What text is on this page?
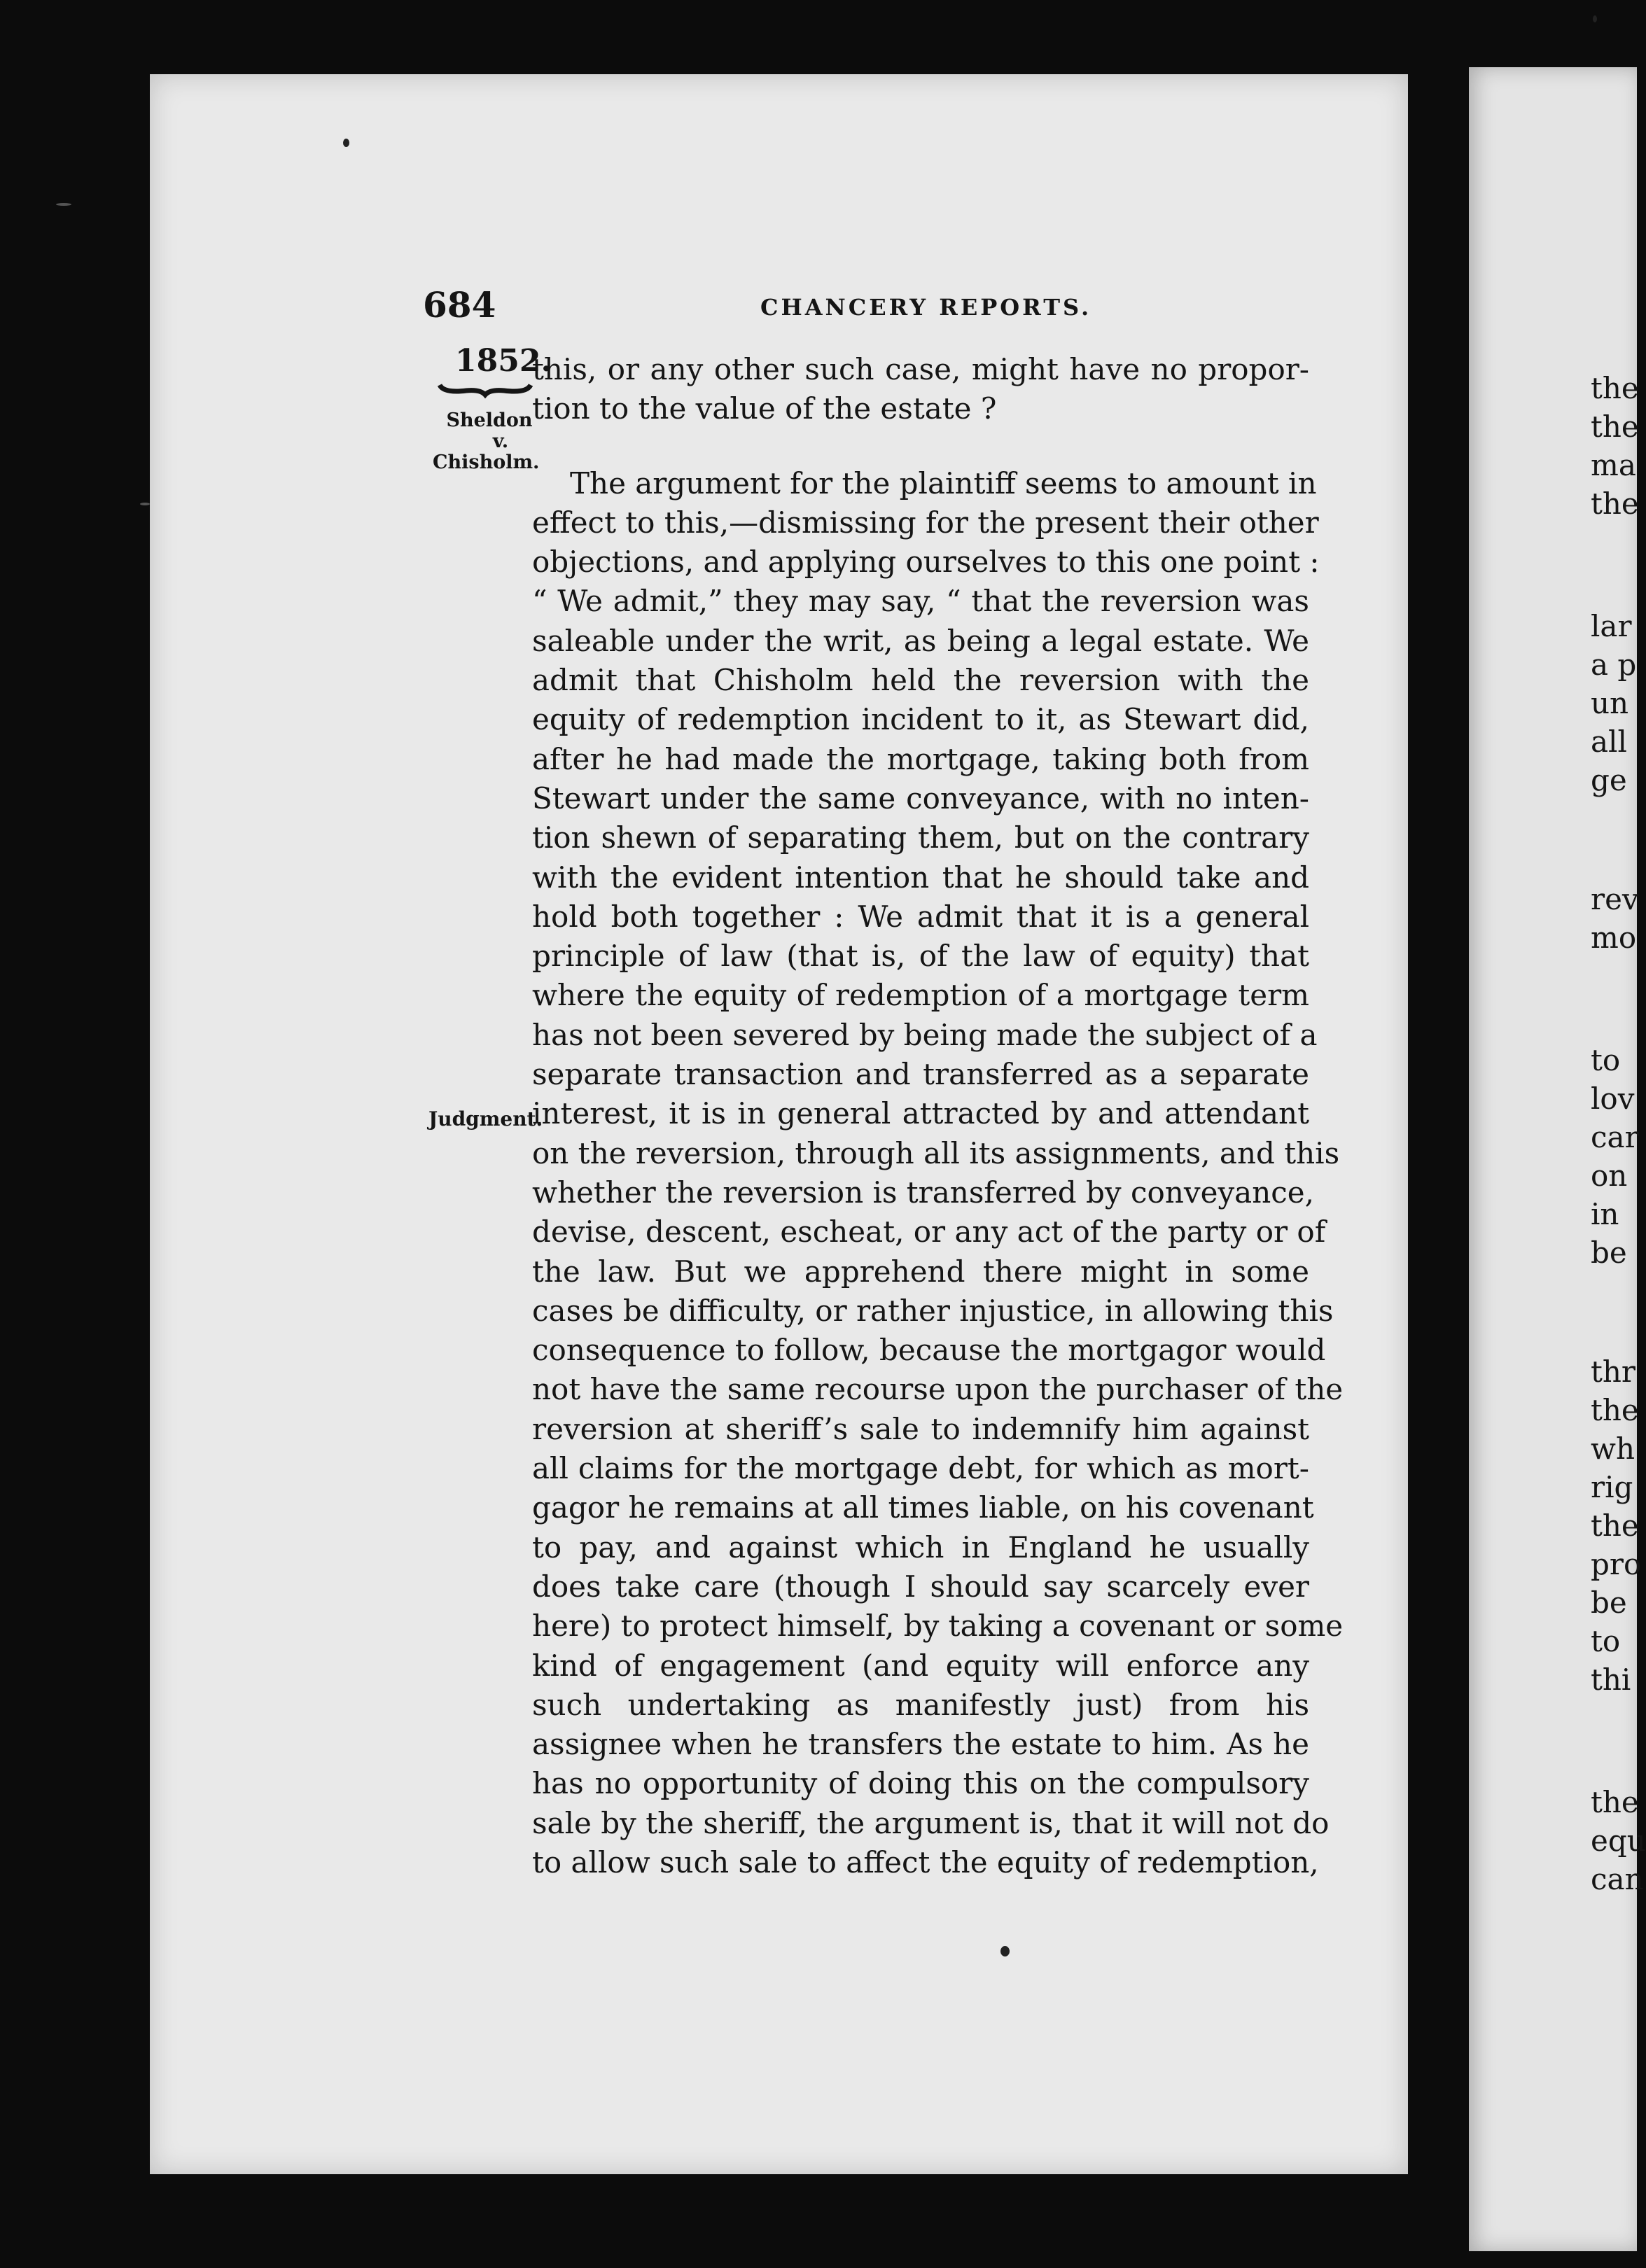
684	CHANCERY REPORTS.
1852.
Sheldon
v.
Chisholm.
Judgment.
this, or any other such case, might have no propor-
tion to the value of the estate ?
The argument for the plaintiff seems to amount in
effect to this,—dismissing for the present their other
objections, and applying ourselves to this one point :
“ We admit,” they may say, “ that the reversion was
saleable under the writ, as being a legal estate. We
admit that Chisholm held the reversion with the
equity of redemption incident to it, as Stewart did,
after he had made the mortgage, taking both from
Stewart under the same conveyance, with no inten-
tion shewn of separating them, but on the contrary
with the evident intention that he should take and
hold both together : We admit that it is a general
principle of law (that is, of the law of equity) that
where the equity of redemption of a mortgage term
has not been severed by being made the subject of a
separate transaction and transferred as a separate
interest, it is in general attracted by and attendant
on the reversion, through all its assignments, and this
whether the reversion is transferred by conveyance,
devise, descent, escheat, or any act of the party or of
the law. But we apprehend there might in some
cases be difficulty, or rather injustice, in allowing this
consequence to follow, because the mortgagor would
not have the same recourse upon the purchaser of the
reversion at sheriff’s sale to indemnify him against
all claims for the mortgage debt, for which as mort-
gagor he remains at all times liable, on his covenant
to pay, and against which in England he usually
does take care (though I should say scarcely ever
here) to protect himself, by taking a covenant or some
kind of engagement (and equity will enforce any
such undertaking as manifestly just) from his
assignee when he transfers the estate to him. As he
has no opportunity of doing this on the compulsory
sale by the sheriff, the argument is, that it will not do
to allow such sale to affect the equity of redemption,
the
the
ma
the
lar
a p
un
all
ge
rev
mo
to
lov
car
on
in
be
thr
the
wh
rig
the
pro
be
to
thi
the
equ
can
